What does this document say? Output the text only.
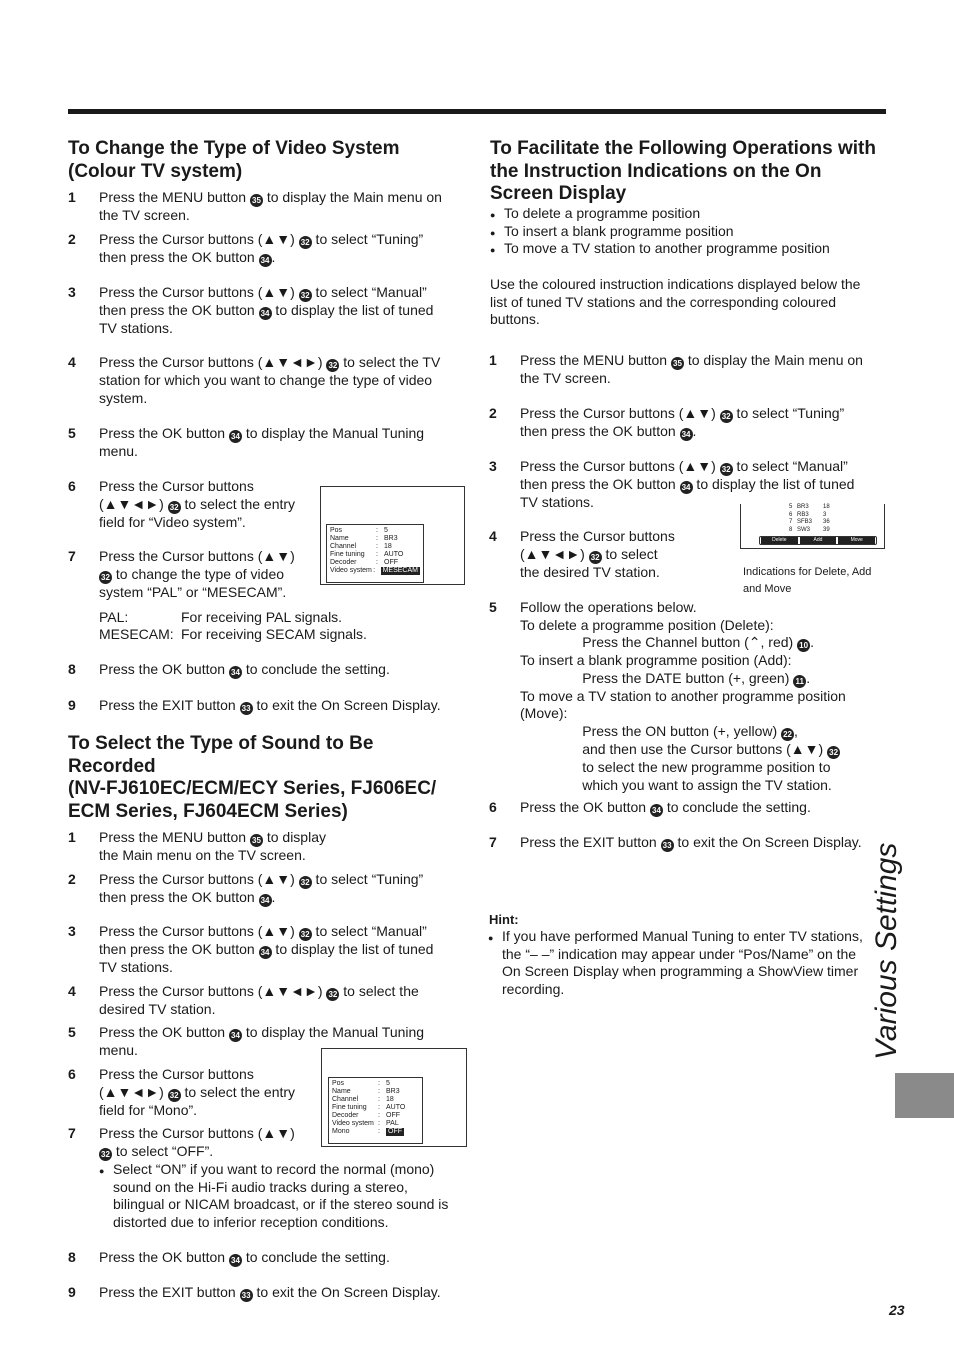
To Change the Type of Video System
(Colour TV system)
1 Press the MENU button 35 to display the Main menu on
the TV screen.
2 Press the Cursor buttons (▲▼) 32 to select “Tuning”
then press the OK button 34 .
3 Press the Cursor buttons (▲▼) 32 to select “Manual”
then press the OK button 34 to display the list of tuned
TV stations.
4 Press the Cursor buttons (▲▼◄►) 32 to select the TV
station for which you want to change the type of video
system.
5 Press the OK button 34 to display the Manual Tuning
menu.
6 Press the Cursor buttons
(▲▼◄►) 32 to select the entry
field for “Video system”.
7 Press the Cursor buttons (▲▼)
32 to change the type of video
system “PAL” or “MESECAM”.
8 Press the OK button 34 to conclude the setting.
9 Press the EXIT button 33 to exit the On Screen Display.
PAL:	For receiving PAL signals.
MESECAM: For receiving SECAM signals.
Pos	: 5
Name	: BR3
Channel	: 18
Fine tuning	: AUTO
Decoder	: OFF
Video system :	MESECAM
To Select the Type of Sound to Be
Recorded
(NV-FJ610EC/ECM/ECY Series, FJ606EC/
ECM Series, FJ604ECM Series)
1 Press the MENU button 35 to display
the Main menu on the TV screen.
2 Press the Cursor buttons (▲▼) 32 to select “Tuning”
then press the OK button 34 .
3 Press the Cursor buttons (▲▼) 32 to select “Manual”
then press the OK button 34 to display the list of tuned
TV stations.
4 Press the Cursor buttons (▲▼◄►) 32 to select the
desired TV station.
5 Press the OK button 34 to display the Manual Tuning
menu.
6 Press the Cursor buttons
(▲▼◄►) 32 to select the entry
field for “Mono”.
7 Press the Cursor buttons (▲▼)
32 to select “OFF”.
8 Press the OK button 34 to conclude the setting.
9 Press the EXIT button 33 to exit the On Screen Display.
● Select “ON” if you want to record the normal (mono)
sound on the Hi-Fi audio tracks during a stereo,
bilingual or NICAM broadcast, or if the stereo sound is
distorted due to inferior reception conditions.
Pos	: 5
Name	: BR3
Channel	: 18
Fine tuning	: AUTO
Decoder	: OFF
Video system : PAL
Mono	:	OFF
To Facilitate the Following Operations with
the Instruction Indications on the On
Screen Display
● To delete a programme position
● To insert a blank programme position
● To move a TV station to another programme position
Use the coloured instruction indications displayed below the
list of tuned TV stations and the corresponding coloured
buttons.
1 Press the MENU button 35 to display the Main menu on
the TV screen.
2 Press the Cursor buttons (▲▼) 32 to select “Tuning”
then press the OK button 34 .
3 Press the Cursor buttons (▲▼) 32 to select “Manual”
then press the OK button 34 to display the list of tuned
TV stations.
4 Press the Cursor buttons
(▲▼◄►) 32 to select
the desired TV station.
5 Follow the operations below.
To delete a programme position (Delete):
Press the Channel button (⌃, red) 10 .
To insert a blank programme position (Add):
Press the DATE button (+, green) 11 .
To move a TV station to another programme position
(Move):
Press the ON button (+, yellow) 22 ,
and then use the Cursor buttons (▲▼) 32
to select the new programme position to
which you want to assign the TV station.
6 Press the OK button 34 to conclude the setting.
7 Press the EXIT button 33 to exit the On Screen Display.
5 BR3	18
6 RB3	3
7 SFB3	36
8 SW3	39
Delete	Add	Move
Indications for Delete, Add
and Move
Hint:
● If you have performed Manual Tuning to enter TV stations,
the “– –” indication may appear under “Pos/Name” on the
On Screen Display when programming a ShowView timer
recording.	Various Settings
23
